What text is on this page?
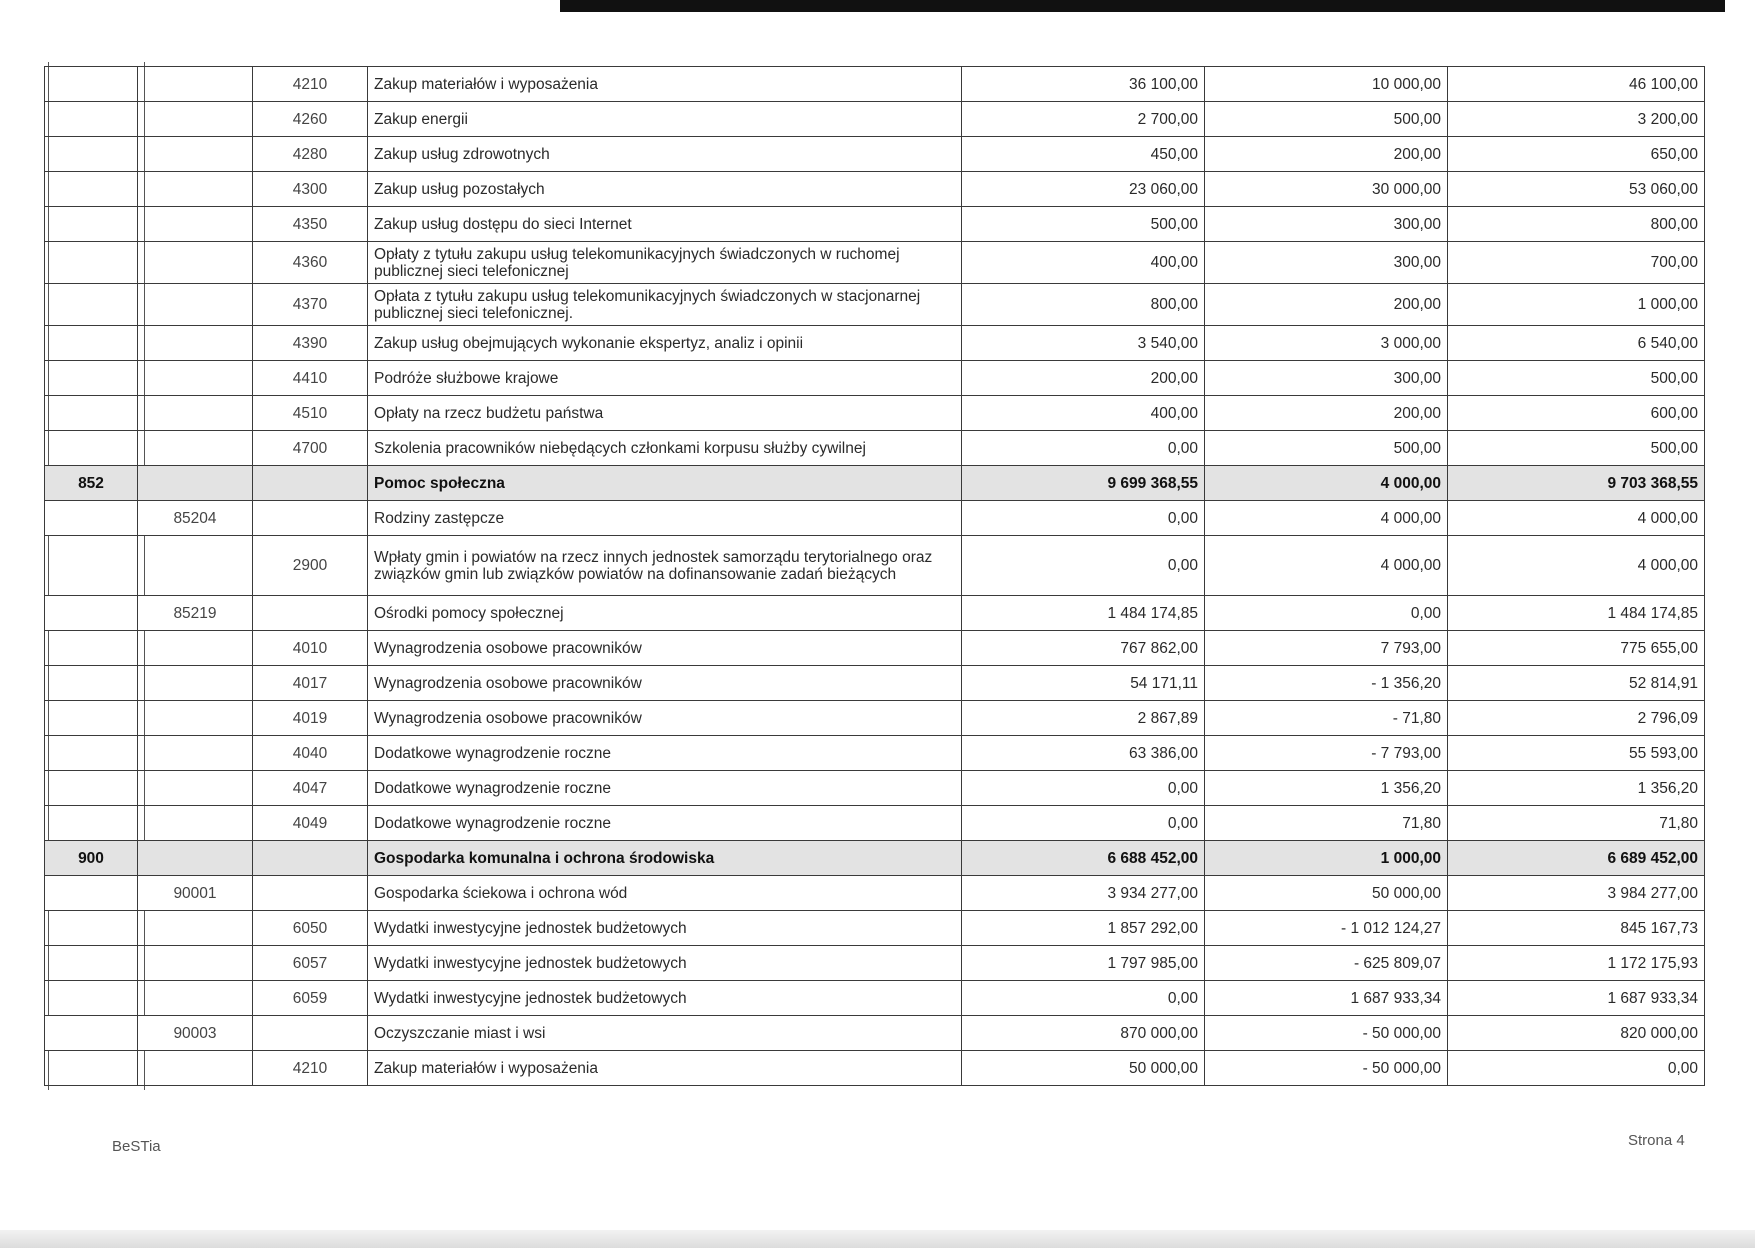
		4210	Zakup materiałów i wyposażenia	36 100,00	10 000,00	46 100,00
		4260	Zakup energii	2 700,00	500,00	3 200,00
		4280	Zakup usług zdrowotnych	450,00	200,00	650,00
		4300	Zakup usług pozostałych	23 060,00	30 000,00	53 060,00
		4350	Zakup usług dostępu do sieci Internet	500,00	300,00	800,00
		4360	Opłaty z tytułu zakupu usług telekomunikacyjnych świadczonych w ruchomej publicznej sieci telefonicznej	400,00	300,00	700,00
		4370	Opłata z tytułu zakupu usług telekomunikacyjnych świadczonych w stacjonarnej publicznej sieci telefonicznej.	800,00	200,00	1 000,00
		4390	Zakup usług obejmujących wykonanie ekspertyz, analiz i opinii	3 540,00	3 000,00	6 540,00
		4410	Podróże służbowe krajowe	200,00	300,00	500,00
		4510	Opłaty na rzecz budżetu państwa	400,00	200,00	600,00
		4700	Szkolenia pracowników niebędących członkami korpusu służby cywilnej	0,00	500,00	500,00
852			Pomoc społeczna	9 699 368,55	4 000,00	9 703 368,55
	85204		Rodziny zastępcze	0,00	4 000,00	4 000,00
		2900	Wpłaty gmin i powiatów na rzecz innych jednostek samorządu terytorialnego oraz związków gmin lub związków powiatów na dofinansowanie zadań bieżących	0,00	4 000,00	4 000,00
	85219		Ośrodki pomocy społecznej	1 484 174,85	0,00	1 484 174,85
		4010	Wynagrodzenia osobowe pracowników	767 862,00	7 793,00	775 655,00
		4017	Wynagrodzenia osobowe pracowników	54 171,11	- 1 356,20	52 814,91
		4019	Wynagrodzenia osobowe pracowników	2 867,89	- 71,80	2 796,09
		4040	Dodatkowe wynagrodzenie roczne	63 386,00	- 7 793,00	55 593,00
		4047	Dodatkowe wynagrodzenie roczne	0,00	1 356,20	1 356,20
		4049	Dodatkowe wynagrodzenie roczne	0,00	71,80	71,80
900			Gospodarka komunalna i ochrona środowiska	6 688 452,00	1 000,00	6 689 452,00
	90001		Gospodarka ściekowa i ochrona wód	3 934 277,00	50 000,00	3 984 277,00
		6050	Wydatki inwestycyjne jednostek budżetowych	1 857 292,00	- 1 012 124,27	845 167,73
		6057	Wydatki inwestycyjne jednostek budżetowych	1 797 985,00	- 625 809,07	1 172 175,93
		6059	Wydatki inwestycyjne jednostek budżetowych	0,00	1 687 933,34	1 687 933,34
	90003		Oczyszczanie miast i wsi	870 000,00	- 50 000,00	820 000,00
		4210	Zakup materiałów i wyposażenia	50 000,00	- 50 000,00	0,00
BeSTia	Strona 4
